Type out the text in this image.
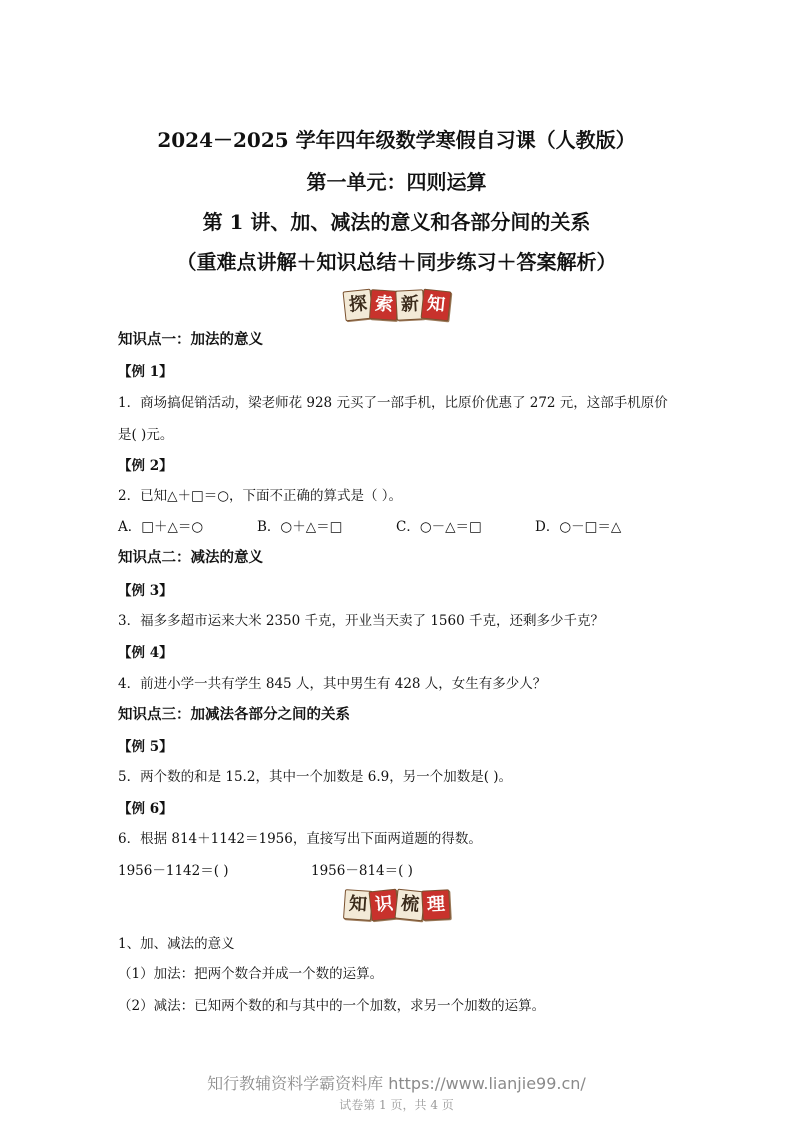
2024－2025 学年四年级数学寒假自习课（人教版）
第一单元：四则运算
第 1 讲、加、减法的意义和各部分间的关系
（重难点讲解＋知识总结＋同步练习＋答案解析）
探 索 新 知
知识点一：加法的意义
【例 1】
1．商场搞促销活动，梁老师花 928 元买了一部手机，比原价优惠了 272 元，这部手机原价
是( )元。
【例 2】
2．已知△＋□＝○，下面不正确的算式是（ ）。
A．□＋△＝○	B．○＋△＝□	C．○－△＝□	D．○－□＝△
知识点二：减法的意义
【例 3】
3．福多多超市运来大米 2350 千克，开业当天卖了 1560 千克，还剩多少千克？
【例 4】
4．前进小学一共有学生 845 人，其中男生有 428 人，女生有多少人？
知识点三：加减法各部分之间的关系
【例 5】
5．两个数的和是 15.2，其中一个加数是 6.9，另一个加数是( )。
【例 6】
6．根据 814＋1142＝1956，直接写出下面两道题的得数。
1956－1142＝( )	1956－814＝( )
知 识 梳 理
1、加、减法的意义
（1）加法：把两个数合并成一个数的运算。
（2）减法：已知两个数的和与其中的一个加数，求另一个加数的运算。
知行教辅资料学霸资料库 https://www.lianjie99.cn/
试卷第 1 页，共 4 页
